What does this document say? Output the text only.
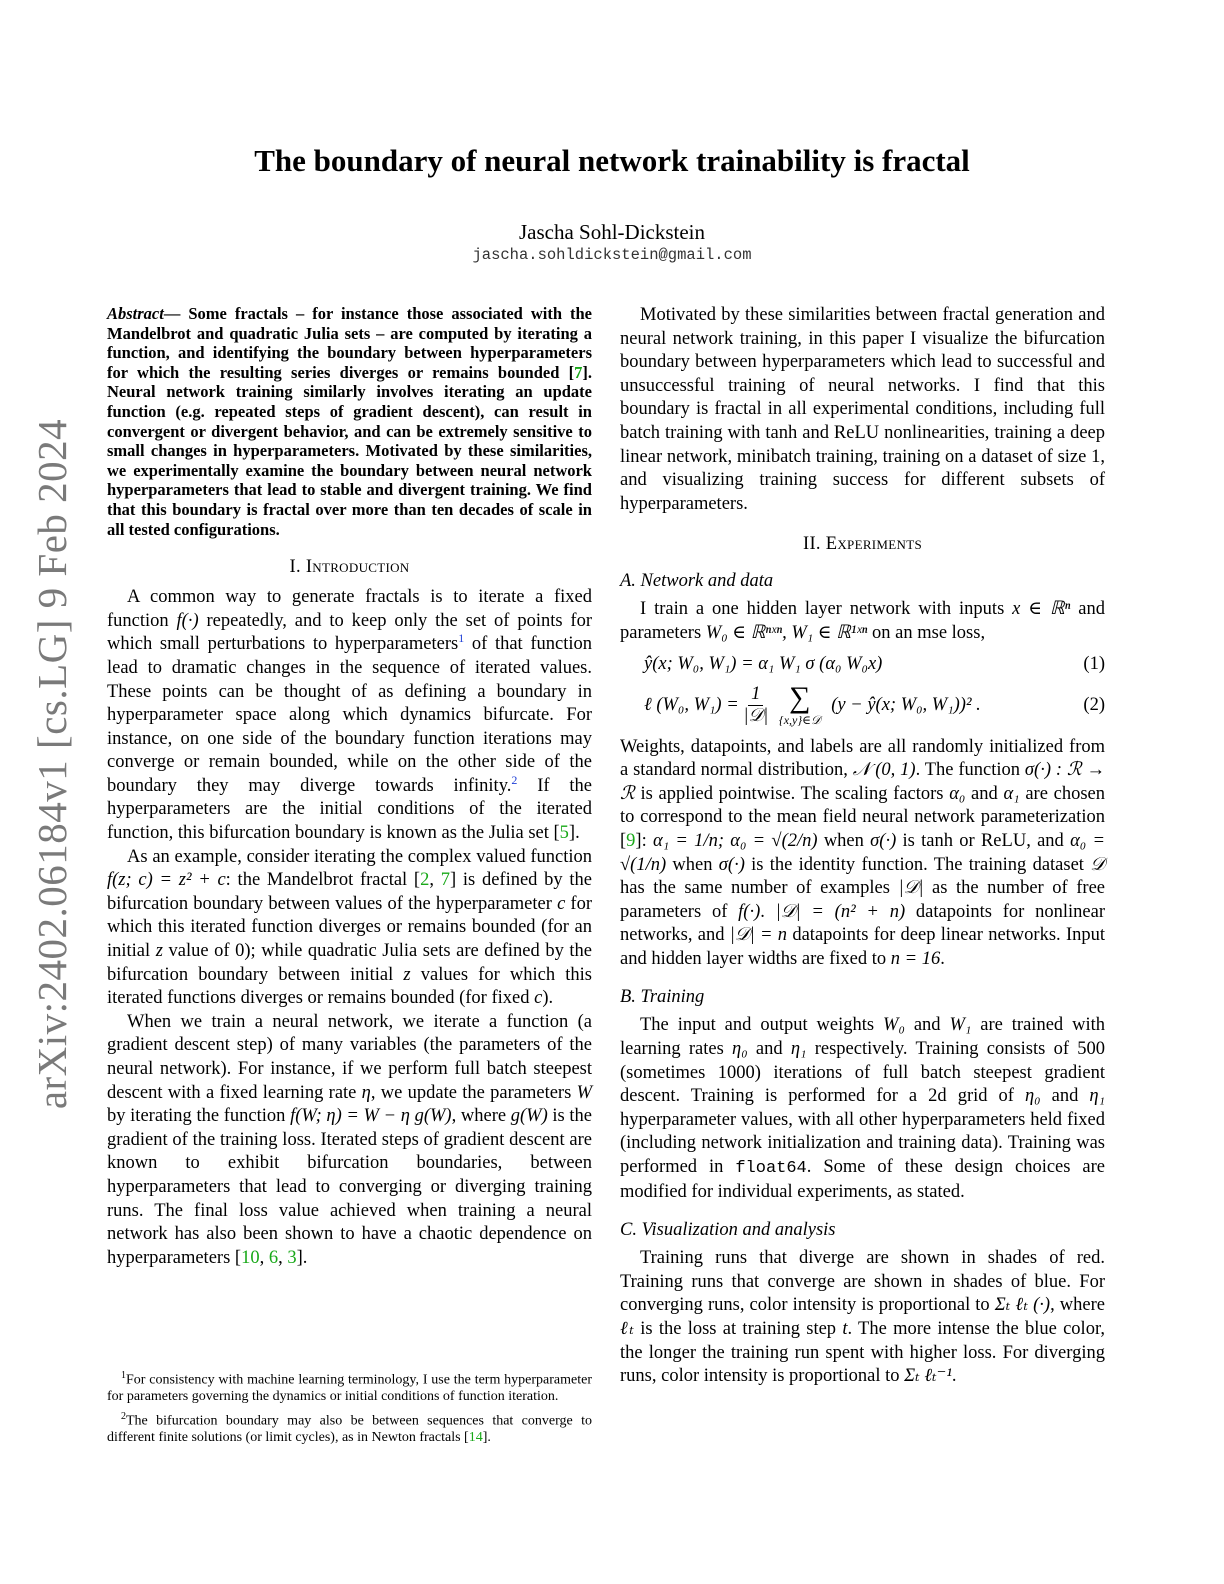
arXiv:2402.06184v1 [cs.LG] 9 Feb 2024
The boundary of neural network trainability is fractal
Jascha Sohl-Dickstein
jascha.sohldickstein@gmail.com

Abstract— Some fractals – for instance those associated with the Mandelbrot and quadratic Julia sets – are computed by iterating a function, and identifying the boundary between hyperparameters for which the resulting series diverges or remains bounded [7]. Neural network training similarly involves iterating an update function (e.g. repeated steps of gradient descent), can result in convergent or divergent behavior, and can be extremely sensitive to small changes in hyperparameters. Motivated by these similarities, we experimentally examine the boundary between neural network hyperparameters that lead to stable and divergent training. We find that this boundary is fractal over more than ten decades of scale in all tested configurations.

I. Introduction

A common way to generate fractals is to iterate a fixed function f(·) repeatedly, and to keep only the set of points for which small perturbations to hyperparameters$^1$ of that function lead to dramatic changes in the sequence of iterated values. These points can be thought of as defining a boundary in hyperparameter space along which dynamics bifurcate. For instance, on one side of the boundary function iterations may converge or remain bounded, while on the other side of the boundary they may diverge towards infinity.$^2$ If the hyperparameters are the initial conditions of the iterated function, this bifurcation boundary is known as the Julia set [5].

As an example, consider iterating the complex valued function f(z; c) = z² + c: the Mandelbrot fractal [2, 7] is defined by the bifurcation boundary between values of the hyperparameter c for which this iterated function diverges or remains bounded (for an initial z value of 0); while quadratic Julia sets are defined by the bifurcation boundary between initial z values for which this iterated functions diverges or remains bounded (for fixed c).

When we train a neural network, we iterate a function (a gradient descent step) of many variables (the parameters of the neural network). For instance, if we perform full batch steepest descent with a fixed learning rate η, we update the parameters W by iterating the function f(W; η) = W − η g(W), where g(W) is the gradient of the training loss. Iterated steps of gradient descent are known to exhibit bifurcation boundaries, between hyperparameters that lead to converging or diverging training runs. The final loss value achieved when training a neural network has also been shown to have a chaotic dependence on hyperparameters [10, 6, 3].

$^1$For consistency with machine learning terminology, I use the term hyperparameter for parameters governing the dynamics or initial conditions of function iteration.

$^2$The bifurcation boundary may also be between sequences that converge to different finite solutions (or limit cycles), as in Newton fractals [14].

Motivated by these similarities between fractal generation and neural network training, in this paper I visualize the bifurcation boundary between hyperparameters which lead to successful and unsuccessful training of neural networks. I find that this boundary is fractal in all experimental conditions, including full batch training with tanh and ReLU nonlinearities, training a deep linear network, minibatch training, training on a dataset of size 1, and visualizing training success for different subsets of hyperparameters.

II. Experiments
A. Network and data

I train a one hidden layer network with inputs x ∈ ℝⁿ and parameters W₀ ∈ ℝⁿˣⁿ, W₁ ∈ ℝ¹ˣⁿ on an mse loss,

ŷ(x; W₀, W₁) = α₁ W₁ σ (α₀ W₀x)	(1)
ℓ (W₀, $W_1) = \frac{1}{\text{|𝒟|}}$
∑
{x,y}∈𝒟
(y − ŷ(x; W₀, W₁))² .	(2)

Weights, datapoints, and labels are all randomly initialized from a standard normal distribution, 𝒩 (0, 1). The function σ(·) : ℛ → ℛ is applied pointwise. The scaling factors α₀ and α₁ are chosen to correspond to the mean field neural network parameterization [9]: α₁ = 1/n; α₀ = √(2/n) when σ(·) is tanh or ReLU, and α₀ = √(1/n) when σ(·) is the identity function. The training dataset 𝒟 has the same number of examples |𝒟| as the number of free parameters of f(·). |𝒟| = (n² + n) datapoints for nonlinear networks, and |𝒟| = n datapoints for deep linear networks. Input and hidden layer widths are fixed to n = 16.

B. Training

The input and output weights W₀ and W₁ are trained with learning rates η₀ and η₁ respectively. Training consists of 500 (sometimes 1000) iterations of full batch steepest gradient descent. Training is performed for a 2d grid of η₀ and η₁ hyperparameter values, with all other hyperparameters held fixed (including network initialization and training data). Training was performed in float64. Some of these design choices are modified for individual experiments, as stated.

C. Visualization and analysis

Training runs that diverge are shown in shades of red. Training runs that converge are shown in shades of blue. For converging runs, color intensity is proportional to Σₜ ℓₜ (·), where ℓₜ is the loss at training step t. The more intense the blue color, the longer the training run spent with higher loss. For diverging runs, color intensity is proportional to Σₜ ℓₜ⁻¹.
